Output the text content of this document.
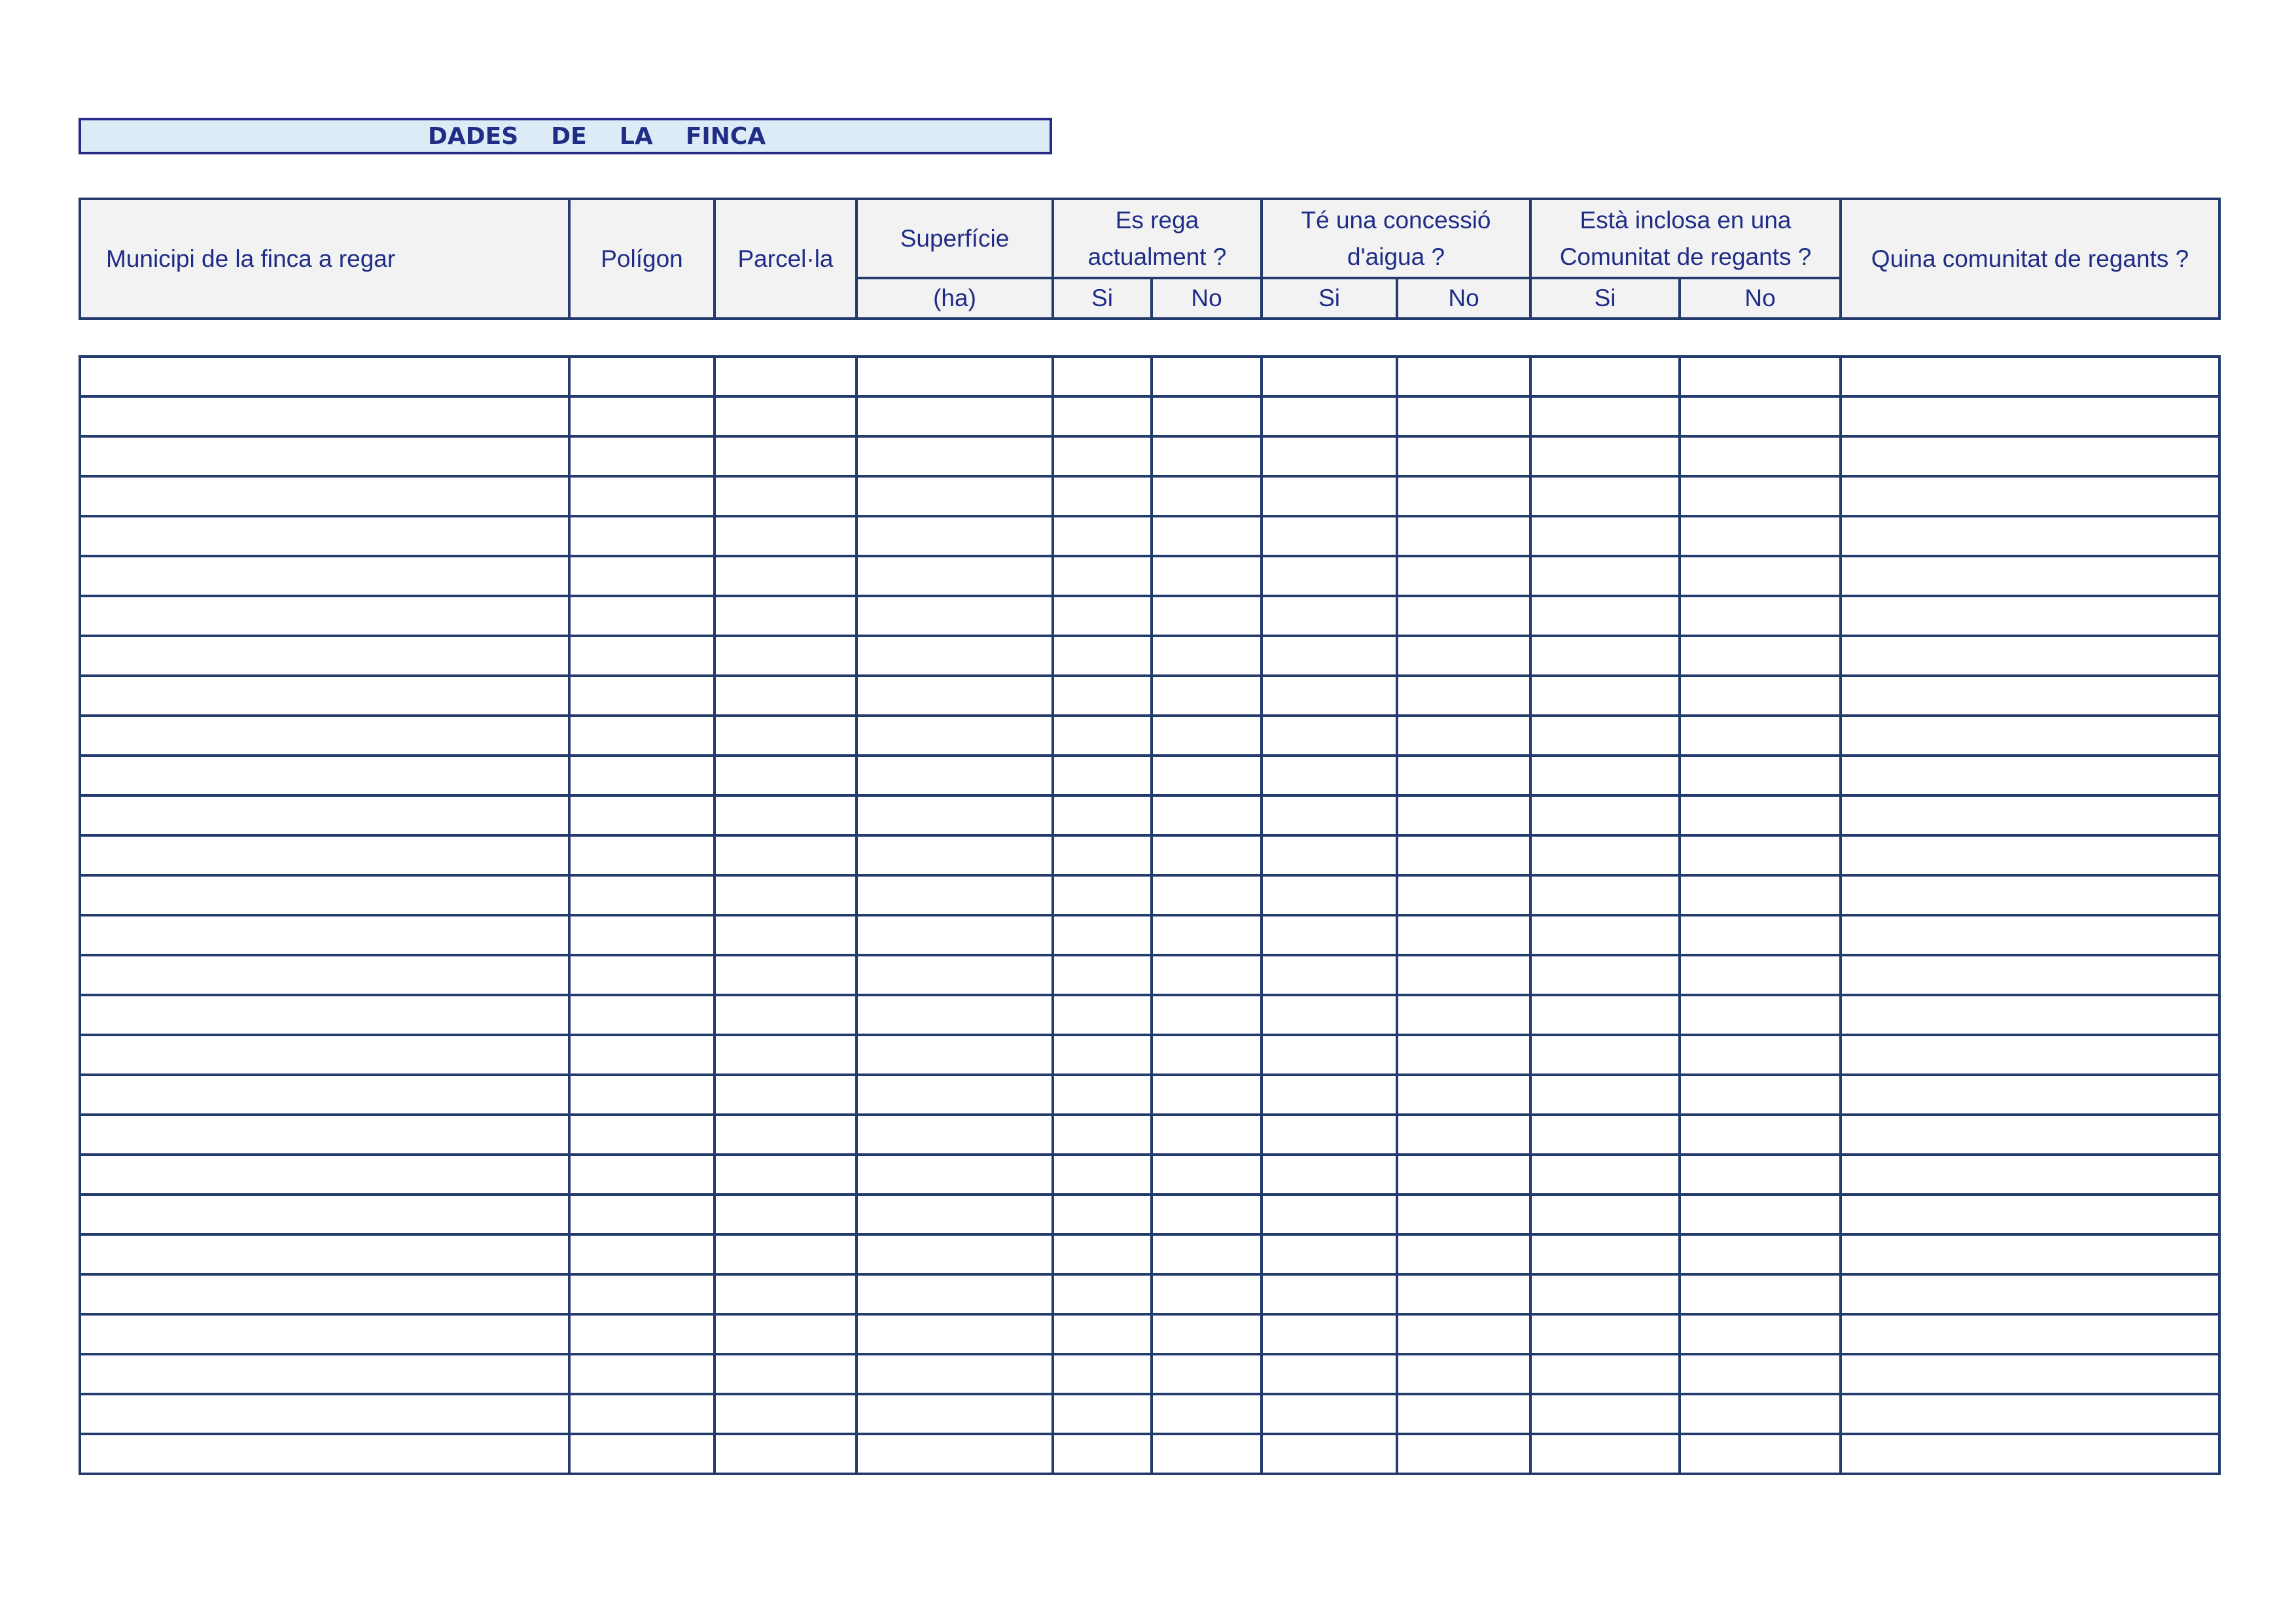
DADES    DE    LA    FINCA
Municipi de la finca a regar	Polígon	Parcel·la	Superfície	Es rega actualment ?		Té una concessió d'aigua ?		Està inclosa en una Comunitat de regants ?		Quina comunitat de regants ?
			(ha)	Si	No	Si	No	Si	No	
